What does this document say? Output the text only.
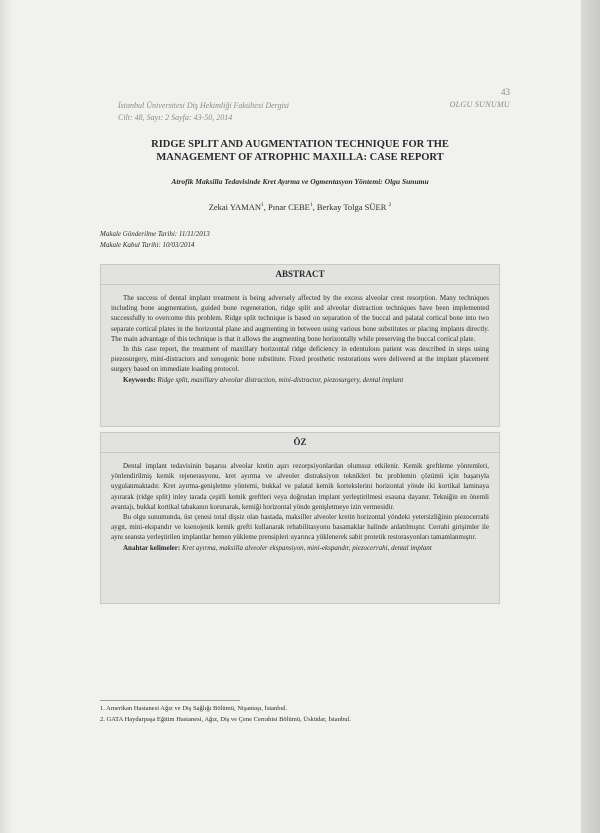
43
İstanbul Üniversitesi Diş Hekimliği Fakültesi Dergisi
Cilt: 48, Sayı: 2 Sayfa: 43-50, 2014
OLGU SUNUMU
RIDGE SPLIT AND AUGMENTATION TECHNIQUE FOR THE
MANAGEMENT OF ATROPHIC MAXILLA: CASE REPORT
Atrofik Maksilla Tedavisinde Kret Ayırma ve Ogmentasyon Yöntemi: Olgu Sunumu
Zekai YAMAN$^1$, Pınar CEBE$^1$, Berkay Tolga SÜER $^2$
Makale Gönderilme Tarihi: 11/11/2013
Makale Kabul Tarihi: 10/03/2014
ABSTRACT

The success of dental implant treatment is being adversely affected by the excess alveolar crest resorption. Many techniques including bone augmentation, guided bone regeneration, ridge split and alveolar distraction techniques have been implemented successfully to overcome this problem. Ridge split technique is based on separation of the buccal and palatal cortical bone into two separate cortical plates in the horizontal plane and augmenting in between using various bone substitutes or placing implants directly. The main advantage of this technique is that it allows the augmenting bone horizontally while preserving the buccal cortical plate.

In this case report, the treatment of maxillary horizontal ridge deficiency in edentulous patient was described in steps using piezosurgery, mini-distractors and xenogenic bone substitute. Fixed prosthetic restorations were delivered at the implant placement surgery based on immediate loading protocol.

Keywords: Ridge split, maxillary alveolar distraction, mini-distractor, piezosurgery, dental implant

ÖZ

Dental implant tedavisinin başarısı alveolar kretin aşırı rezorpsiyonlardan olumsuz etkilenir. Kemik greftleme yöntemleri, yönlendirilmiş kemik rejenerasyonu, kret ayırma ve alveoler distraksiyon teknikleri bu problemin çözümü için başarıyla uygulanmaktadır. Kret ayırma-genişletme yöntemi, bukkal ve palatal kemik kortekslerini horizontal yönde iki kortikal laminaya ayırarak (ridge split) inley tarada çeşitli kemik greftleri veya doğrudan implant yerleştirilmesi esasına dayanır. Tekniğin en önemli avantajı, bukkal kortikal tabakanın korunarak, kemiği horizontal yönde genişletmeye izin vermesidir.

Bu olgu sunumunda, üst çenesi total dişsiz olan hastada, maksiller alveoler kretin horizontal yöndeki yetersizliğinin piezocerrahi aygıt, mini-ekspandır ve ksenojenik kemik grefti kullanarak rehabilitasyonu basamaklar halinde anlatılmıştır. Cerrahi girişimler ile aynı seansta yerleştirilen implantlar hemen yükleme prensipleri uyarınca yüklenerek sabit protetik restorasyonları tamamlanmıştır.

Anahtar kelimeler: Kret ayırma, maksilla alveoler ekspansiyon, mini-ekspandır, piezocerrahi, dental implant

1. Amerikan Hastanesi Ağız ve Diş Sağlığı Bölümü, Nişantaşı, İstanbul.
2. GATA Haydarpaşa Eğitim Hastanesi, Ağız, Diş ve Çene Cerrahisi Bölümü, Üsküdar, İstanbul.
